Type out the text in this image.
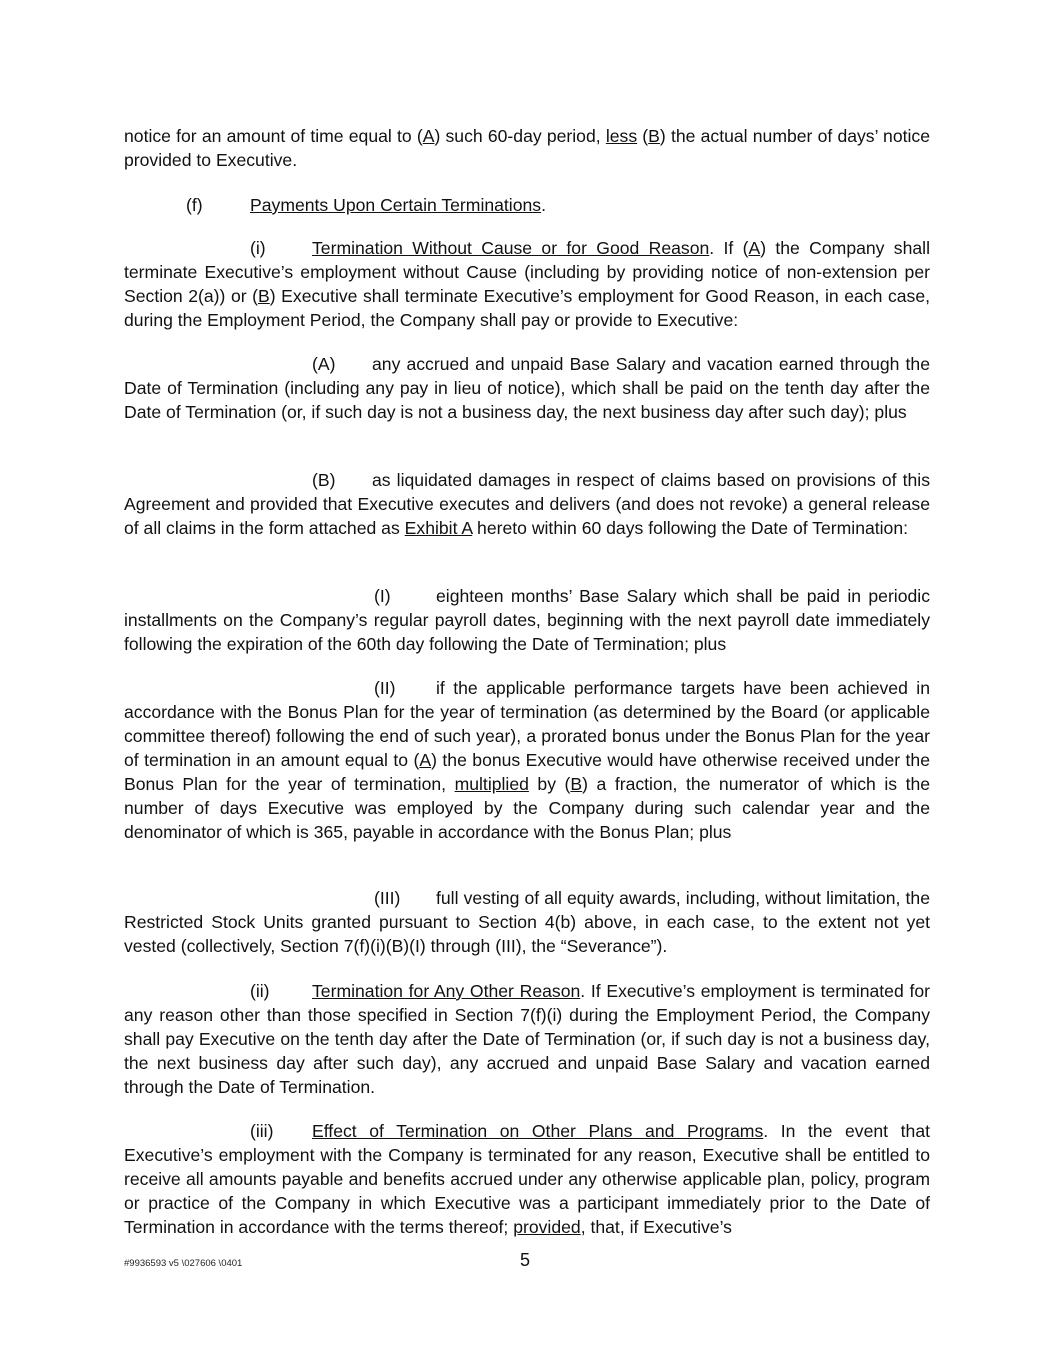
notice for an amount of time equal to (A) such 60-day period, less (B) the actual number of days’ notice provided to Executive.

(f)	Payments Upon Certain Terminations.

(i)	Termination Without Cause or for Good Reason. If (A) the Company shall terminate Executive’s employment without Cause (including by providing notice of non-extension per Section 2(a)) or (B) Executive shall terminate Executive’s employment for Good Reason, in each case, during the Employment Period, the Company shall pay or provide to Executive:

(A) any accrued and unpaid Base Salary and vacation earned through the Date of Termination (including any pay in lieu of notice), which shall be paid on the tenth day after the Date of Termination (or, if such day is not a business day, the next business day after such day); plus

(B) as liquidated damages in respect of claims based on provisions of this Agreement and provided that Executive executes and delivers (and does not revoke) a general release of all claims in the form attached as Exhibit A hereto within 60 days following the Date of Termination:

(I)	eighteen months’ Base Salary which shall be paid in periodic installments on the Company’s regular payroll dates, beginning with the next payroll date immediately following the expiration of the 60th day following the Date of Termination; plus

(II) if the applicable performance targets have been achieved in accordance with the Bonus Plan for the year of termination (as determined by the Board (or applicable committee thereof) following the end of such year), a prorated bonus under the Bonus Plan for the year of termination in an amount equal to (A) the bonus Executive would have otherwise received under the Bonus Plan for the year of termination, multiplied by (B) a fraction, the numerator of which is the number of days Executive was employed by the Company during such calendar year and the denominator of which is 365, payable in accordance with the Bonus Plan; plus

(III) full vesting of all equity awards, including, without limitation, the Restricted Stock Units granted pursuant to Section 4(b) above, in each case, to the extent not yet vested (collectively, Section 7(f)(i)(B)(I) through (III), the “Severance”).

(ii) Termination for Any Other Reason. If Executive’s employment is terminated for any reason other than those specified in Section 7(f)(i) during the Employment Period, the Company shall pay Executive on the tenth day after the Date of Termination (or, if such day is not a business day, the next business day after such day), any accrued and unpaid Base Salary and vacation earned through the Date of Termination.

(iii) Effect of Termination on Other Plans and Programs. In the event that Executive’s employment with the Company is terminated for any reason, Executive shall be entitled to receive all amounts payable and benefits accrued under any otherwise applicable plan, policy, program or practice of the Company in which Executive was a participant immediately prior to the Date of Termination in accordance with the terms thereof; provided, that, if Executive’s

#9936593 v5 \027606 \0401	5
